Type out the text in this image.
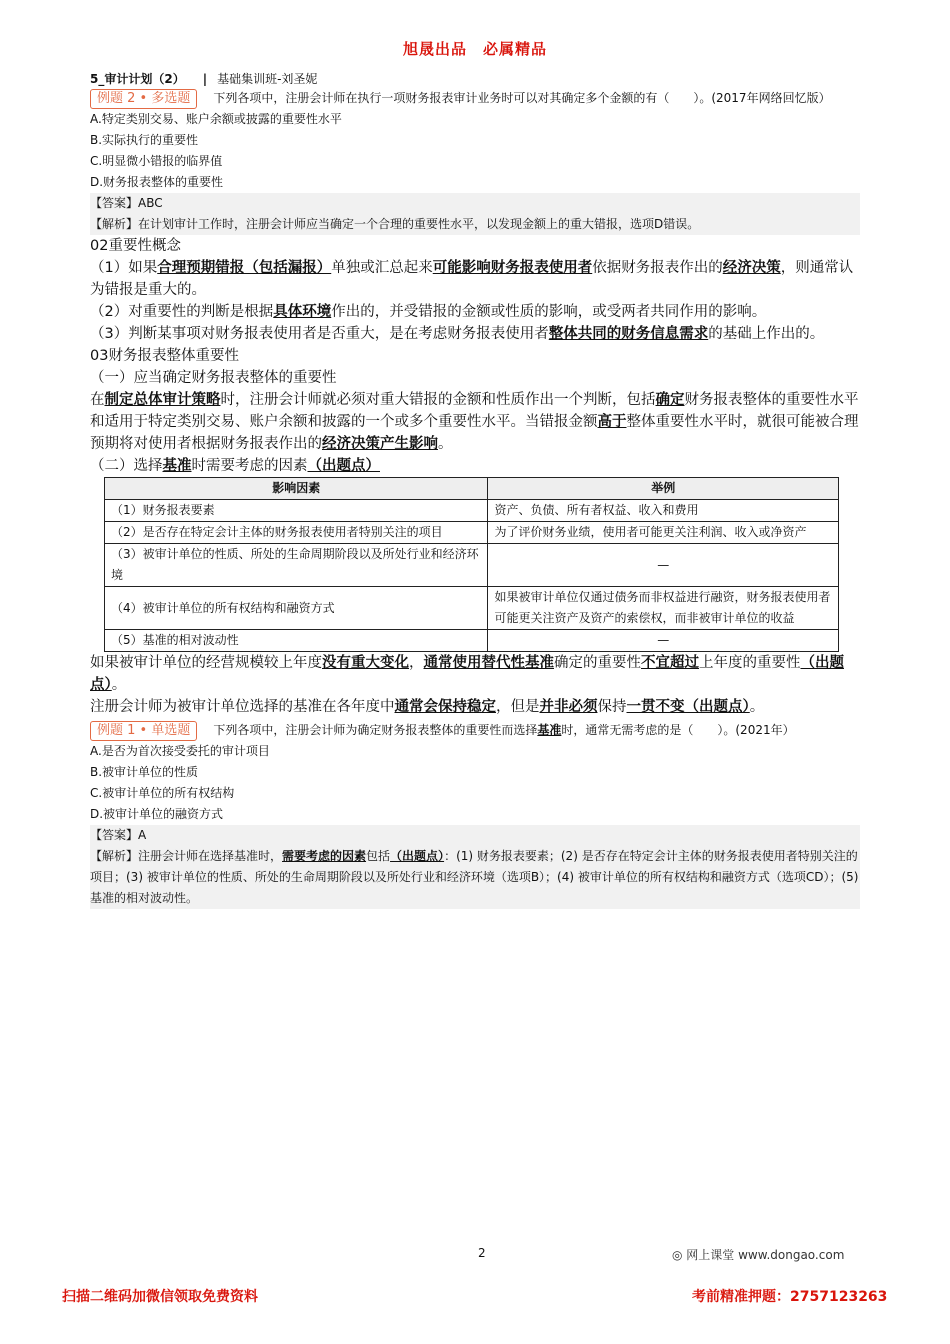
旭晟出品　必属精品
5_审计计划（2） | 基础集训班-刘圣妮
例题 2 • 多选题 下列各项中，注册会计师在执行一项财务报表审计业务时可以对其确定多个金额的有（　　）。(2017年网络回忆版）
A.特定类别交易、账户余额或披露的重要性水平
B.实际执行的重要性
C.明显微小错报的临界值
D.财务报表整体的重要性
【答案】ABC
【解析】在计划审计工作时，注册会计师应当确定一个合理的重要性水平，以发现金额上的重大错报，选项D错误。
02重要性概念
（1）如果合理预期错报（包括漏报）单独或汇总起来可能影响财务报表使用者依据财务报表作出的经济决策，则通常认为错报是重大的。
（2）对重要性的判断是根据具体环境作出的，并受错报的金额或性质的影响，或受两者共同作用的影响。
（3）判断某事项对财务报表使用者是否重大，是在考虑财务报表使用者整体共同的财务信息需求的基础上作出的。
03财务报表整体重要性
（一）应当确定财务报表整体的重要性
在制定总体审计策略时，注册会计师就必须对重大错报的金额和性质作出一个判断，包括确定财务报表整体的重要性水平和适用于特定类别交易、账户余额和披露的一个或多个重要性水平。当错报金额高于整体重要性水平时，就很可能被合理预期将对使用者根据财务报表作出的经济决策产生影响。
（二）选择基准时需要考虑的因素（出题点）
影响因素	举例
（1）财务报表要素	资产、负债、所有者权益、收入和费用
（2）是否存在特定会计主体的财务报表使用者特别关注的项目	为了评价财务业绩，使用者可能更关注利润、收入或净资产
（3）被审计单位的性质、所处的生命周期阶段以及所处行业和经济环境	—
（4）被审计单位的所有权结构和融资方式	如果被审计单位仅通过债务而非权益进行融资，财务报表使用者可能更关注资产及资产的索偿权，而非被审计单位的收益
（5）基准的相对波动性	—
如果被审计单位的经营规模较上年度没有重大变化，通常使用替代性基准确定的重要性不宜超过上年度的重要性（出题点）。
注册会计师为被审计单位选择的基准在各年度中通常会保持稳定，但是并非必须保持一贯不变（出题点）。
例题 1 • 单选题 下列各项中，注册会计师为确定财务报表整体的重要性而选择基准时，通常无需考虑的是（　　）。(2021年）
A.是否为首次接受委托的审计项目
B.被审计单位的性质
C.被审计单位的所有权结构
D.被审计单位的融资方式
【答案】A
【解析】注册会计师在选择基准时，需要考虑的因素包括（出题点）：(1) 财务报表要素；(2) 是否存在特定会计主体的财务报表使用者特别关注的项目；(3) 被审计单位的性质、所处的生命周期阶段以及所处行业和经济环境（选项B）；(4) 被审计单位的所有权结构和融资方式（选项CD）；(5) 基准的相对波动性。
2	◎ 网上课堂 www.dongao.com
扫描二维码加微信领取免费资料	考前精准押题：2757123263
